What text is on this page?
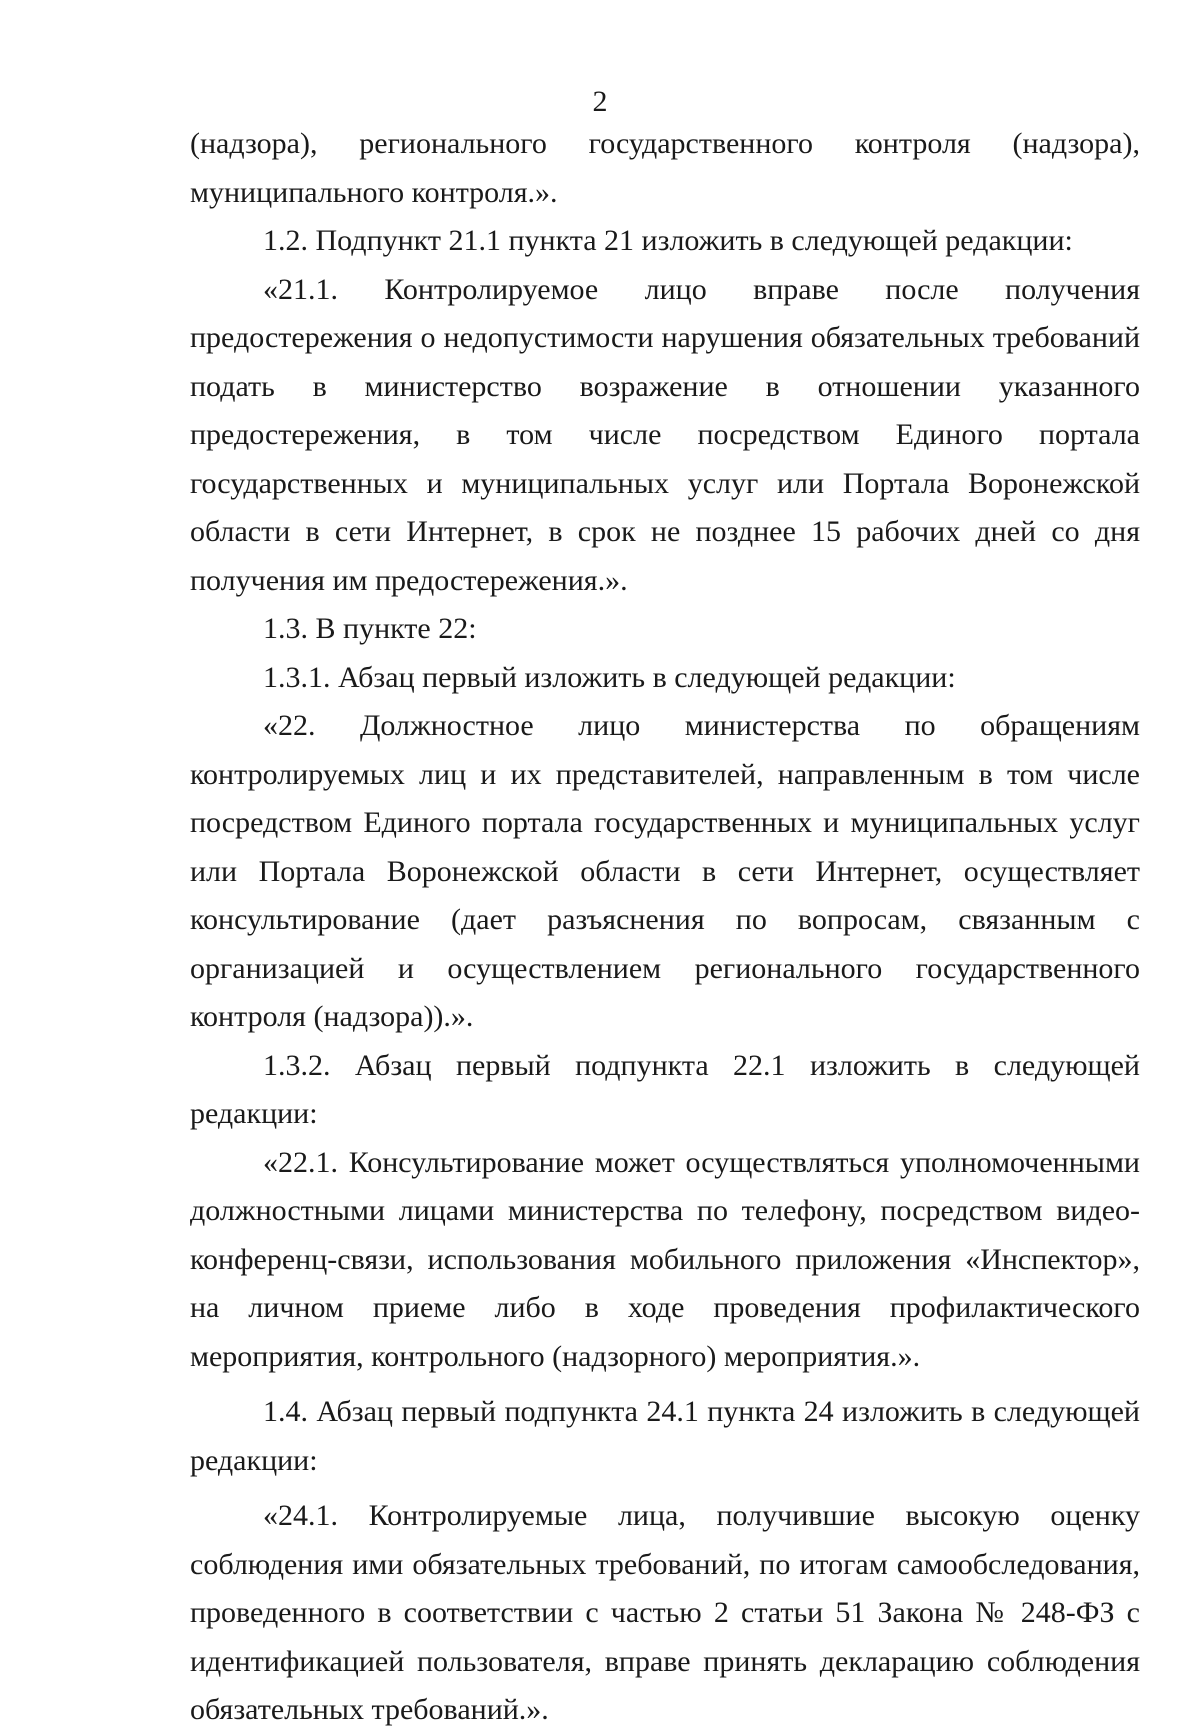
2

(надзора), регионального государственного контроля (надзора), муниципального контроля.».

1.2. Подпункт 21.1 пункта 21 изложить в следующей редакции:

«21.1. Контролируемое лицо вправе после получения предостережения о недопустимости нарушения обязательных требований подать в министерство возражение в отношении указанного предостережения, в том числе посредством Единого портала государственных и муниципальных услуг или Портала Воронежской области в сети Интернет, в срок не позднее 15 рабочих дней со дня получения им предостережения.».

1.3. В пункте 22:

1.3.1. Абзац первый изложить в следующей редакции:

«22. Должностное лицо министерства по обращениям контролируемых лиц и их представителей, направленным в том числе посредством Единого портала государственных и муниципальных услуг или Портала Воронежской области в сети Интернет, осуществляет консультирование (дает разъяснения по вопросам, связанным с организацией и осуществлением регионального государственного контроля (надзора)).».

1.3.2. Абзац первый подпункта 22.1 изложить в следующей редакции:

«22.1. Консультирование может осуществляться уполномоченными должностными лицами министерства по телефону, посредством видео-конференц-связи, использования мобильного приложения «Инспектор», на личном приеме либо в ходе проведения профилактического мероприятия, контрольного (надзорного) мероприятия.».

1.4. Абзац первый подпункта 24.1 пункта 24 изложить в следующей редакции:

«24.1. Контролируемые лица, получившие высокую оценку соблюдения ими обязательных требований, по итогам самообследования, проведенного в соответствии с частью 2 статьи 51 Закона № 248-ФЗ с идентификацией пользователя, вправе принять декларацию соблюдения обязательных требований.».
